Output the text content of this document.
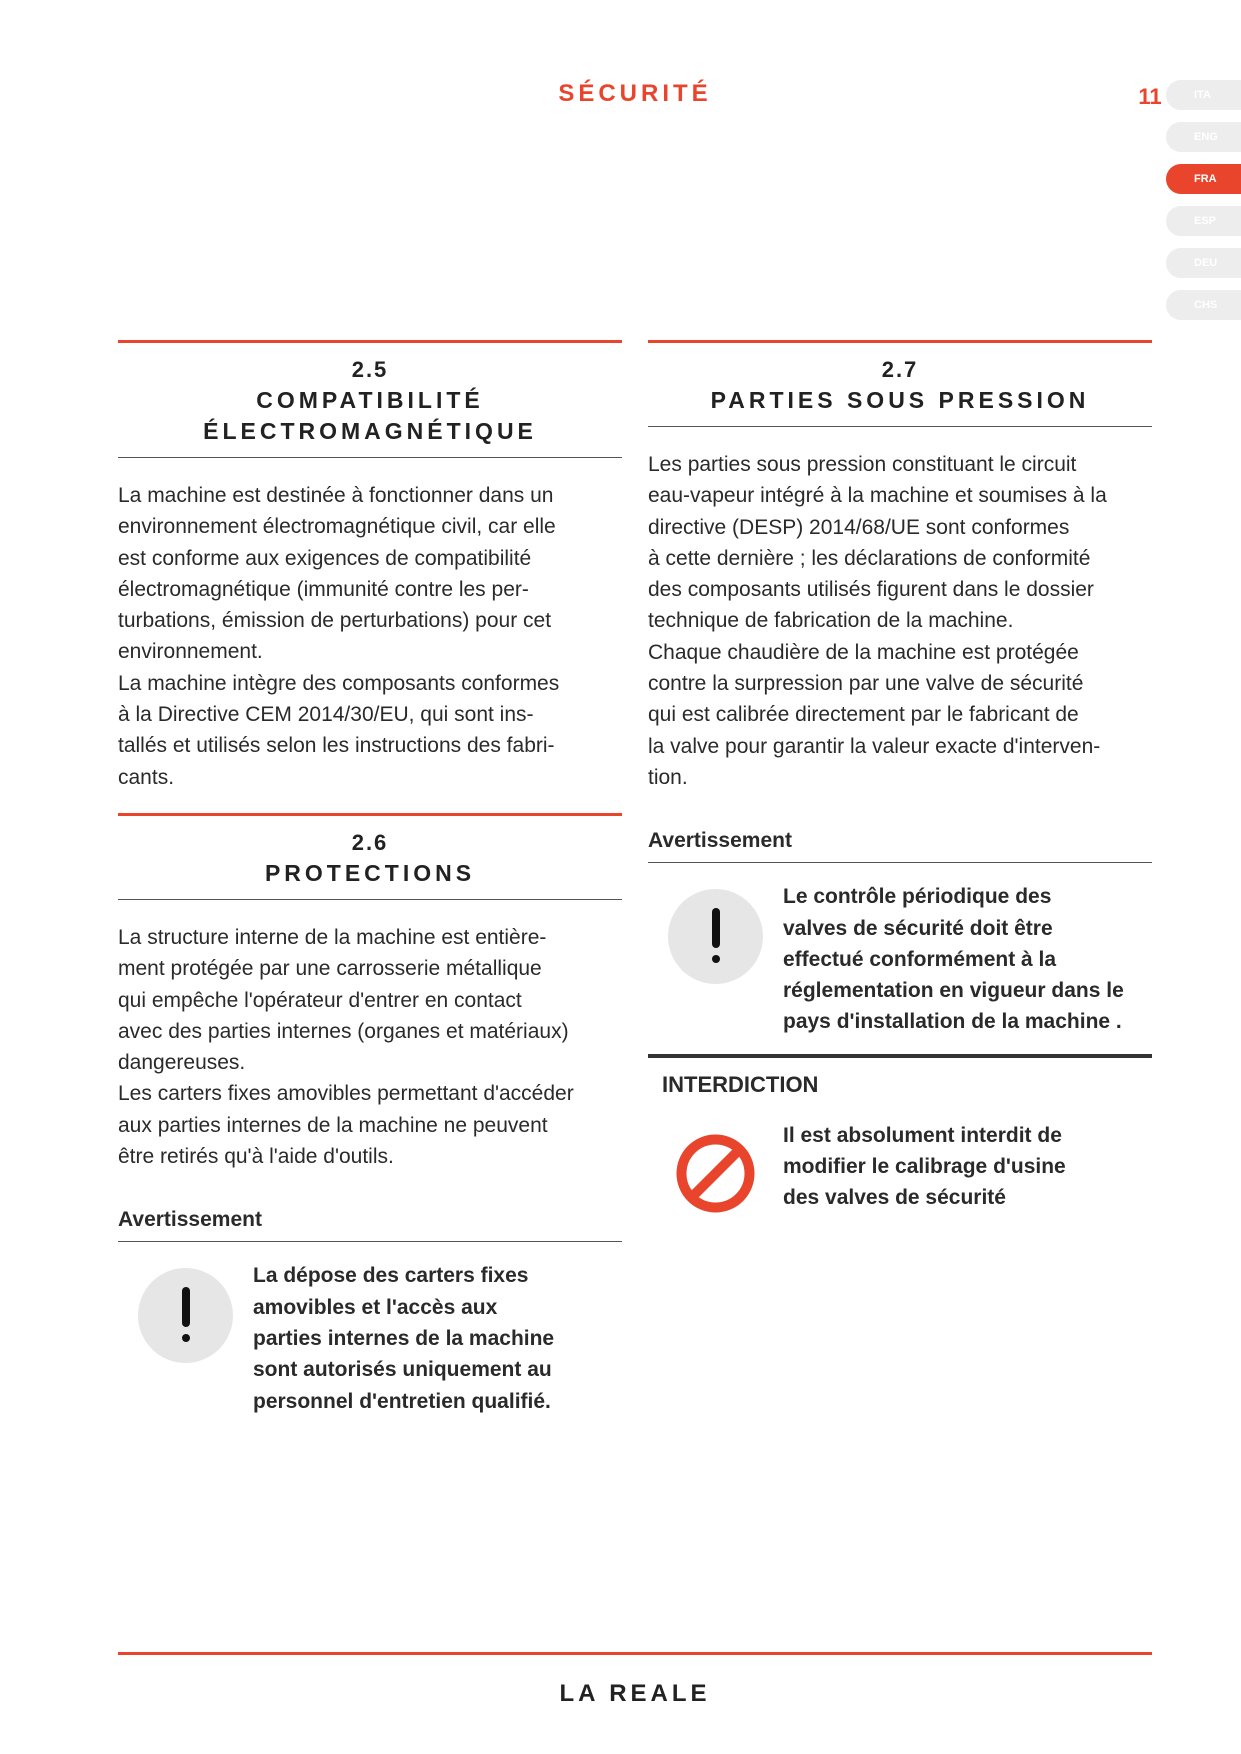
SÉCURITÉ	11	ITA
ENG
FRA
ESP
DEU
CHS
2.5
COMPATIBILITÉ
ÉLECTROMAGNÉTIQUE

La machine est destinée à fonctionner dans un
environnement électromagnétique civil, car elle
est conforme aux exigences de compatibilité
électromagnétique (immunité contre les per-
turbations, émission de perturbations) pour cet
environnement.
La machine intègre des composants conformes
à la Directive CEM 2014/30/EU, qui sont ins-
tallés et utilisés selon les instructions des fabri-
cants.

2.6
PROTECTIONS

La structure interne de la machine est entière-
ment protégée par une carrosserie métallique
qui empêche l'opérateur d'entrer en contact
avec des parties internes (organes et matériaux)
dangereuses.
Les carters fixes amovibles permettant d'accéder
aux parties internes de la machine ne peuvent
être retirés qu'à l'aide d'outils.

Avertissement
La dépose des carters fixes
amovibles et l'accès aux
parties internes de la machine
sont autorisés uniquement au
personnel d'entretien qualifié.
2.7
PARTIES SOUS PRESSION

Les parties sous pression constituant le circuit
eau-vapeur intégré à la machine et soumises à la
directive (DESP) 2014/68/UE sont conformes
à cette dernière ; les déclarations de conformité
des composants utilisés figurent dans le dossier
technique de fabrication de la machine.
Chaque chaudière de la machine est protégée
contre la surpression par une valve de sécurité
qui est calibrée directement par le fabricant de
la valve pour garantir la valeur exacte d'interven-
tion.

Avertissement
Le contrôle périodique des
valves de sécurité doit être
effectué conformément à la
réglementation en vigueur dans le
pays d'installation de la machine .
INTERDICTION
Il est absolument interdit de
modifier le calibrage d'usine
des valves de sécurité
LA REALE
